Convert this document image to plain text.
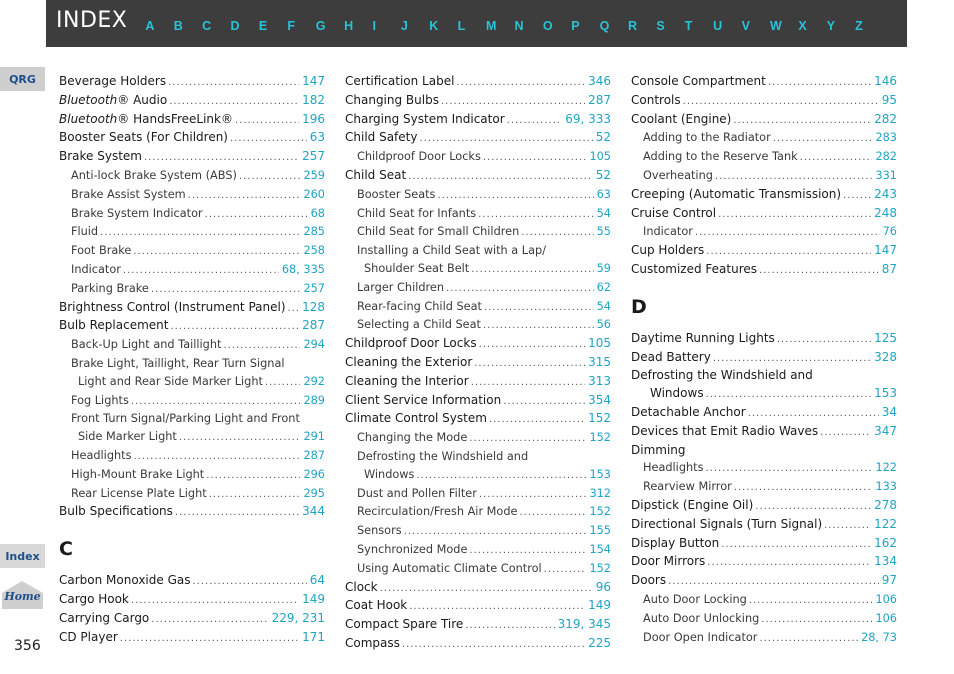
INDEX A	B	C	D	E	F	G	H	I	J	K	L	M	N	O	P	Q	R	S	T	U	V	W	X	Y	Z
QRG
Index
Home
Beverage Holders .....	147
Bluetooth® Audio .....	182
Bluetooth® HandsFreeLink® .....	196
Booster Seats (For Children) .....	63
Brake System .....	257
Anti-lock Brake System (ABS) .....	259
Brake Assist System .....	260
Brake System Indicator .....	68
Fluid .....	285
Foot Brake .....	258
Indicator .....	68, 335
Parking Brake .....	257
Brightness Control (Instrument Panel) ..... 128
Bulb Replacement .....	287
Back-Up Light and Taillight .....	294
Brake Light, Taillight, Rear Turn Signal
Light and Rear Side Marker Light .....	292
Fog Lights .....	289
Front Turn Signal/Parking Light and Front
Side Marker Light .....	291
Headlights .....	287
High-Mount Brake Light .....	296
Rear License Plate Light .....	295
Bulb Specifications .....	344
C
Carbon Monoxide Gas .....	64
Cargo Hook .....	149
Carrying Cargo .....	229, 231
CD Player .....	171
Certification Label .....	346
Changing Bulbs .....	287
Charging System Indicator .....	69, 333
Child Safety .....	52
Childproof Door Locks .....	105
Child Seat .....	52
Booster Seats .....	63
Child Seat for Infants .....	54
Child Seat for Small Children .....	55
Installing a Child Seat with a Lap/
Shoulder Seat Belt .....	59
Larger Children .....	62
Rear-facing Child Seat .....	54
Selecting a Child Seat .....	56
Childproof Door Locks .....	105
Cleaning the Exterior .....	315
Cleaning the Interior .....	313
Client Service Information .....	354
Climate Control System .....	152
Changing the Mode .....	152
Defrosting the Windshield and
Windows .....	153
Dust and Pollen Filter .....	312
Recirculation/Fresh Air Mode .....	152
Sensors .....	155
Synchronized Mode .....	154
Using Automatic Climate Control .....	152
Clock .....	96
Coat Hook .....	149
Compact Spare Tire .....	319, 345
Compass .....	225
Console Compartment .....	146
Controls .....	95
Coolant (Engine) .....	282
Adding to the Radiator .....	283
Adding to the Reserve Tank .....	282
Overheating .....	331
Creeping (Automatic Transmission) .....	243
Cruise Control .....	248
Indicator .....	76
Cup Holders .....	147
Customized Features .....	87
D
Daytime Running Lights .....	125
Dead Battery .....	328
Defrosting the Windshield and
Windows .....	153
Detachable Anchor .....	34
Devices that Emit Radio Waves .....	347
Dimming
Headlights .....	122
Rearview Mirror .....	133
Dipstick (Engine Oil) .....	278
Directional Signals (Turn Signal) .....	122
Display Button .....	162
Door Mirrors .....	134
Doors .....	97
Auto Door Locking .....	106
Auto Door Unlocking .....	106
Door Open Indicator .....	28, 73
356
